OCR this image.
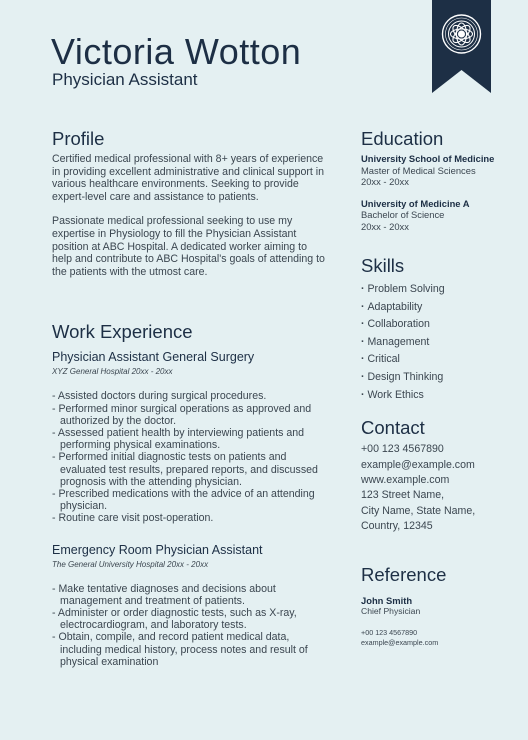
Victoria Wotton
Physician Assistant
Profile

Certified medical professional with 8+ years of experience in providing excellent administrative and clinical support in various healthcare environments. Seeking to provide expert-level care and assistance to patients.

Passionate medical professional seeking to use my expertise in Physiology to fill the Physician Assistant position at ABC Hospital. A dedicated worker aiming to help and contribute to ABC Hospital's goals of attending to the patients with the utmost care.

Work Experience
Physician Assistant General Surgery
XYZ General Hospital 20xx - 20xx
- Assisted doctors during surgical procedures.
- Performed minor surgical operations as approved and authorized by the doctor.
- Assessed patient health by interviewing patients and performing physical examinations.
- Performed initial diagnostic tests on patients and evaluated test results, prepared reports, and discussed prognosis with the attending physician.
- Prescribed medications with the advice of an attending physician.
- Routine care visit post-operation.
Emergency Room Physician Assistant
The General University Hospital 20xx - 20xx
- Make tentative diagnoses and decisions about management and treatment of patients.
- Administer or order diagnostic tests, such as X-ray, electrocardiogram, and laboratory tests.
- Obtain, compile, and record patient medical data, including medical history, process notes and result of physical examination
Education
University School of Medicine
Master of Medical Sciences
20xx - 20xx
University of Medicine A
Bachelor of Science
20xx - 20xx
Skills
· Problem Solving
· Adaptability
· Collaboration
· Management
· Critical
· Design Thinking
· Work Ethics
Contact
+00 123 4567890
example@example.com
www.example.com
123 Street Name,
City Name, State Name,
Country, 12345
Reference
John Smith
Chief Physician
+00 123 4567890
example@example.com
